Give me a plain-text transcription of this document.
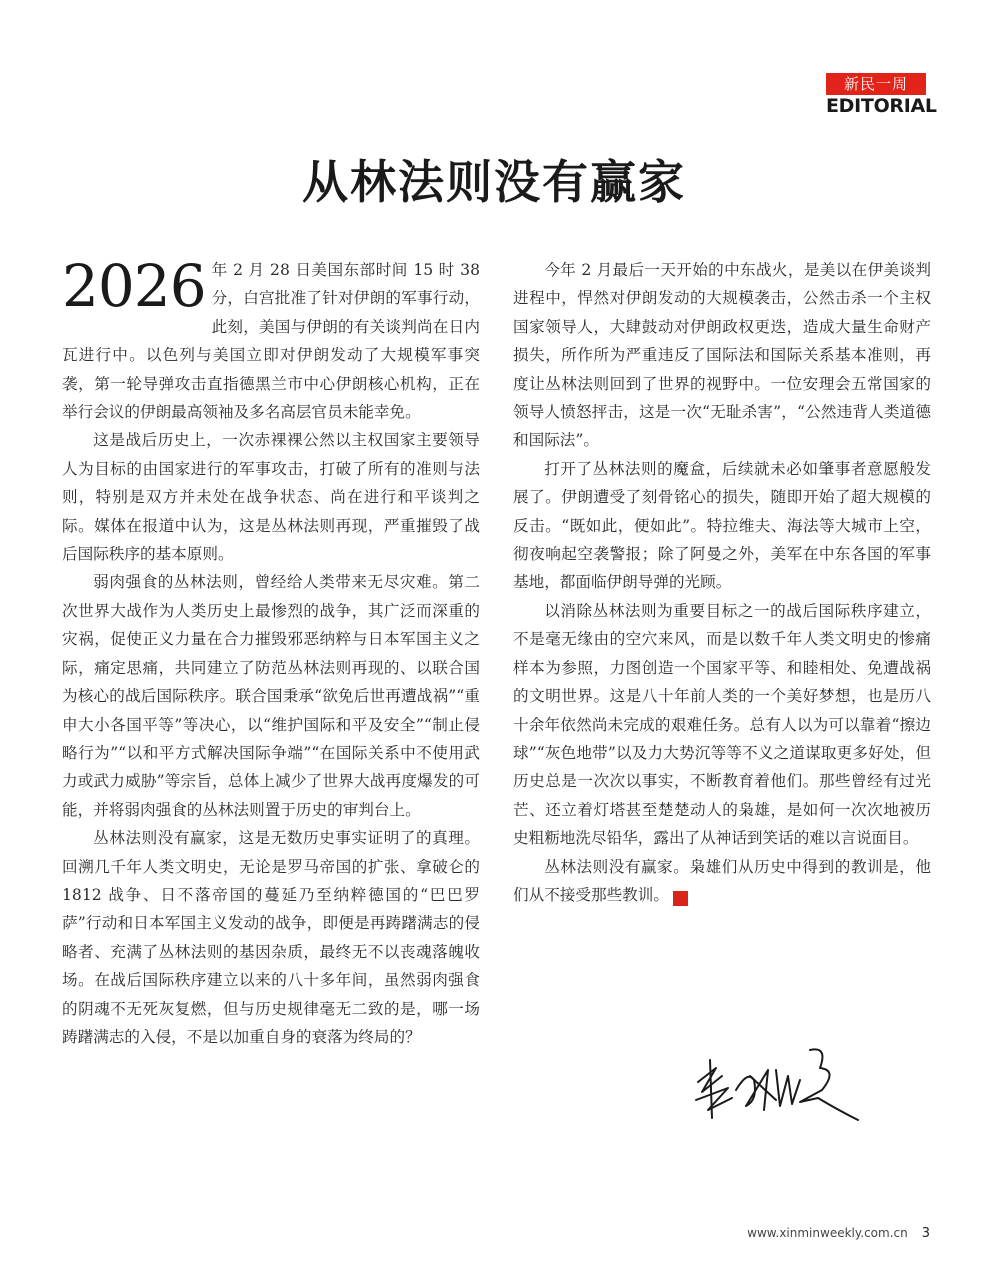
新民一周
EDITORIAL
从林法则没有赢家

2026 年 2 月 28 日美国东部时间 15 时 38 分，白宫批准了针对伊朗的军事行动，此刻，美国与伊朗的有关谈判尚在日内瓦进行中。以色列与美国立即对伊朗发动了大规模军事突袭，第一轮导弹攻击直指德黑兰市中心伊朗核心机构，正在举行会议的伊朗最高领袖及多名高层官员未能幸免。

这是战后历史上，一次赤裸裸公然以主权国家主要领导人为目标的由国家进行的军事攻击，打破了所有的准则与法则，特别是双方并未处在战争状态、尚在进行和平谈判之际。媒体在报道中认为，这是丛林法则再现，严重摧毁了战后国际秩序的基本原则。

弱肉强食的丛林法则，曾经给人类带来无尽灾难。第二次世界大战作为人类历史上最惨烈的战争，其广泛而深重的灾祸，促使正义力量在合力摧毁邪恶纳粹与日本军国主义之际，痛定思痛，共同建立了防范丛林法则再现的、以联合国为核心的战后国际秩序。联合国秉承“欲免后世再遭战祸”“重申大小各国平等”等决心，以“维护国际和平及安全”“制止侵略行为”“以和平方式解决国际争端”“在国际关系中不使用武力或武力威胁”等宗旨，总体上减少了世界大战再度爆发的可能，并将弱肉强食的丛林法则置于历史的审判台上。

丛林法则没有赢家，这是无数历史事实证明了的真理。回溯几千年人类文明史，无论是罗马帝国的扩张、拿破仑的 1812 战争、日不落帝国的蔓延乃至纳粹德国的“巴巴罗萨”行动和日本军国主义发动的战争，即便是再踌躇满志的侵略者、充满了丛林法则的基因杂质，最终无不以丧魂落魄收场。在战后国际秩序建立以来的八十多年间，虽然弱肉强食的阴魂不无死灰复燃，但与历史规律毫无二致的是，哪一场踌躇满志的入侵，不是以加重自身的衰落为终局的？

今年 2 月最后一天开始的中东战火，是美以在伊美谈判进程中，悍然对伊朗发动的大规模袭击，公然击杀一个主权国家领导人，大肆鼓动对伊朗政权更迭，造成大量生命财产损失，所作所为严重违反了国际法和国际关系基本准则，再度让丛林法则回到了世界的视野中。一位安理会五常国家的领导人愤怒抨击，这是一次“无耻杀害”，“公然违背人类道德和国际法”。

打开了丛林法则的魔盒，后续就未必如肇事者意愿般发展了。伊朗遭受了刻骨铭心的损失，随即开始了超大规模的反击。“既如此，便如此”。特拉维夫、海法等大城市上空，彻夜响起空袭警报；除了阿曼之外，美军在中东各国的军事基地，都面临伊朗导弹的光顾。

以消除丛林法则为重要目标之一的战后国际秩序建立，不是毫无缘由的空穴来风，而是以数千年人类文明史的惨痛样本为参照，力图创造一个国家平等、和睦相处、免遭战祸的文明世界。这是八十年前人类的一个美好梦想，也是历八十余年依然尚未完成的艰难任务。总有人以为可以靠着“擦边球”“灰色地带”以及力大势沉等等不义之道谋取更多好处，但历史总是一次次以事实，不断教育着他们。那些曾经有过光芒、还立着灯塔甚至楚楚动人的枭雄，是如何一次次地被历史粗粝地洗尽铅华，露出了从神话到笑话的难以言说面目。

丛林法则没有赢家。枭雄们从历史中得到的教训是，他们从不接受那些教训。	民

www.xinminweekly.com.cn 3
